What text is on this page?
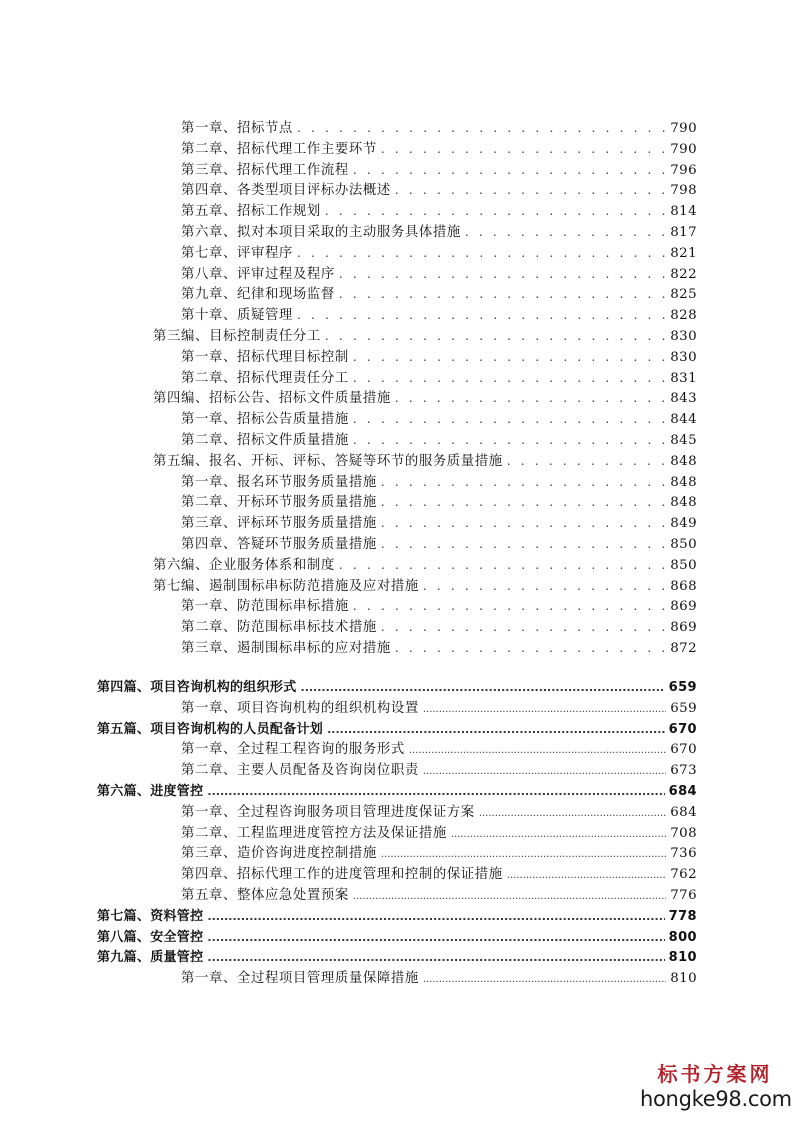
第一章、招标节点 . . .	790
第二章、招标代理工作主要环节 . . .	790
第三章、招标代理工作流程 . . .	796
第四章、各类型项目评标办法概述 . . .	798
第五章、招标工作规划 . . .	814
第六章、拟对本项目采取的主动服务具体措施 . . .	817
第七章、评审程序 . . .	821
第八章、评审过程及程序 . . .	822
第九章、纪律和现场监督 . . .	825
第十章、质疑管理 . . .	828
第三编、目标控制责任分工 . . .	830
第一章、招标代理目标控制 . . .	830
第二章、招标代理责任分工 . . .	831
第四编、招标公告、招标文件质量措施 . . .	843
第一章、招标公告质量措施 . . .	844
第二章、招标文件质量措施 . . .	845
第五编、报名、开标、评标、答疑等环节的服务质量措施 . . .	848
第一章、报名环节服务质量措施 . . .	848
第二章、开标环节服务质量措施 . . .	848
第三章、评标环节服务质量措施 . . .	849
第四章、答疑环节服务质量措施 . . .	850
第六编、企业服务体系和制度 . . .	850
第七编、遏制围标串标防范措施及应对措施 . . .	868
第一章、防范围标串标措施 . . .	869
第二章、防范围标串标技术措施 . . .	869
第三章、遏制围标串标的应对措施 . . .	872
第四篇、项目咨询机构的组织形式 .....	659
第一章、项目咨询机构的组织机构设置 .....	659
第五篇、项目咨询机构的人员配备计划 .....	670
第一章、全过程工程咨询的服务形式 .....	670
第二章、主要人员配备及咨询岗位职责 .....	673
第六篇、进度管控 .....	684
第一章、全过程咨询服务项目管理进度保证方案 .....	684
第二章、工程监理进度管控方法及保证措施 .....	708
第三章、造价咨询进度控制措施 .....	736
第四章、招标代理工作的进度管理和控制的保证措施 .....	762
第五章、整体应急处置预案 .....	776
第七篇、资料管控 .....	778
第八篇、安全管控 .....	800
第九篇、质量管控 .....	810
第一章、全过程项目管理质量保障措施 .....	810
标书方案网
hongke98.com
